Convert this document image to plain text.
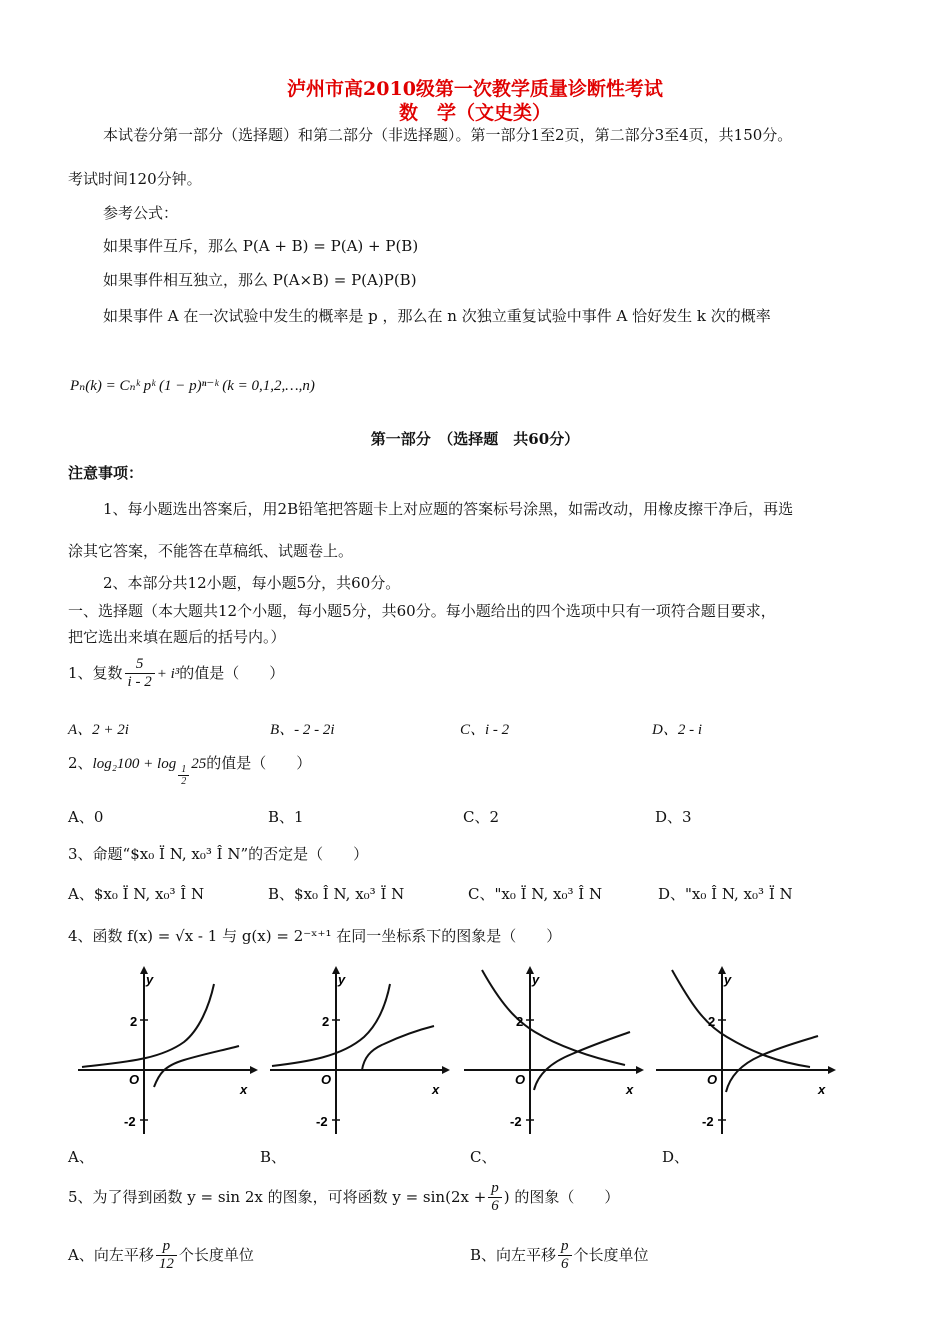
泸州市高2010级第一次教学质量诊断性考试
数　学（文史类）
本试卷分第一部分（选择题）和第二部分（非选择题）。第一部分1至2页，第二部分3至4页，共150分。
考试时间120分钟。
参考公式：
如果事件互斥，那么 P(A + B) = P(A) + P(B)
如果事件相互独立，那么 P(A×B) = P(A)P(B)
如果事件 A 在一次试验中发生的概率是 p ，那么在 n 次独立重复试验中事件 A 恰好发生 k 次的概率
Pₙ(k) = Cₙᵏ pᵏ (1 − p)ⁿ⁻ᵏ (k = 0,1,2,…,n)
第一部分　（选择题　共60分）
注意事项：
1、每小题选出答案后，用2B铅笔把答题卡上对应题的答案标号涂黑，如需改动，用橡皮擦干净后，再选
涂其它答案，不能答在草稿纸、试题卷上。
2、本部分共12小题，每小题5分，共60分。
一、选择题（本大题共12个小题，每小题5分，共60分。每小题给出的四个选项中只有一项符合题目要求，
把它选出来填在题后的括号内。）
1、复数 $\frac{5}{i - 2} + i^3$的值是（　　）
A、2 + 2i	B、- 2 - 2i	C、i - 2	D、2 - i
2、$\log_2100 + \log \frac{1}{2} 25$的值是（　　）
A、0	B、1	C、2	D、3
3、命题“$x₀ Ï N, x₀³ Î N”的否定是（　　）
A、$x₀ Ï N, x₀³ Î N	B、$x₀ Î N, x₀³ Ï N	C、"x₀ Ï N, x₀³ Î N	D、"x₀ Î N, x₀³ Ï N
4、函数 f(x) = √x - 1 与 g(x) = 2⁻ˣ⁺¹ 在同一坐标系下的图象是（　　）
y
x
O
2
-2
A、
y
x
O
2
-2
B、
y
x
O
2
-2
C、
y
x
O
2
-2
D、
5、为了得到函数 y = sin 2x 的图象，可将函数 $y = \sin(2x + \frac{p}{6}$ ) 的图象（　　）
A、向左平移 $\frac{p}{12}$ 个长度单位	B、向左平移 $\frac{p}{6}$ 个长度单位
